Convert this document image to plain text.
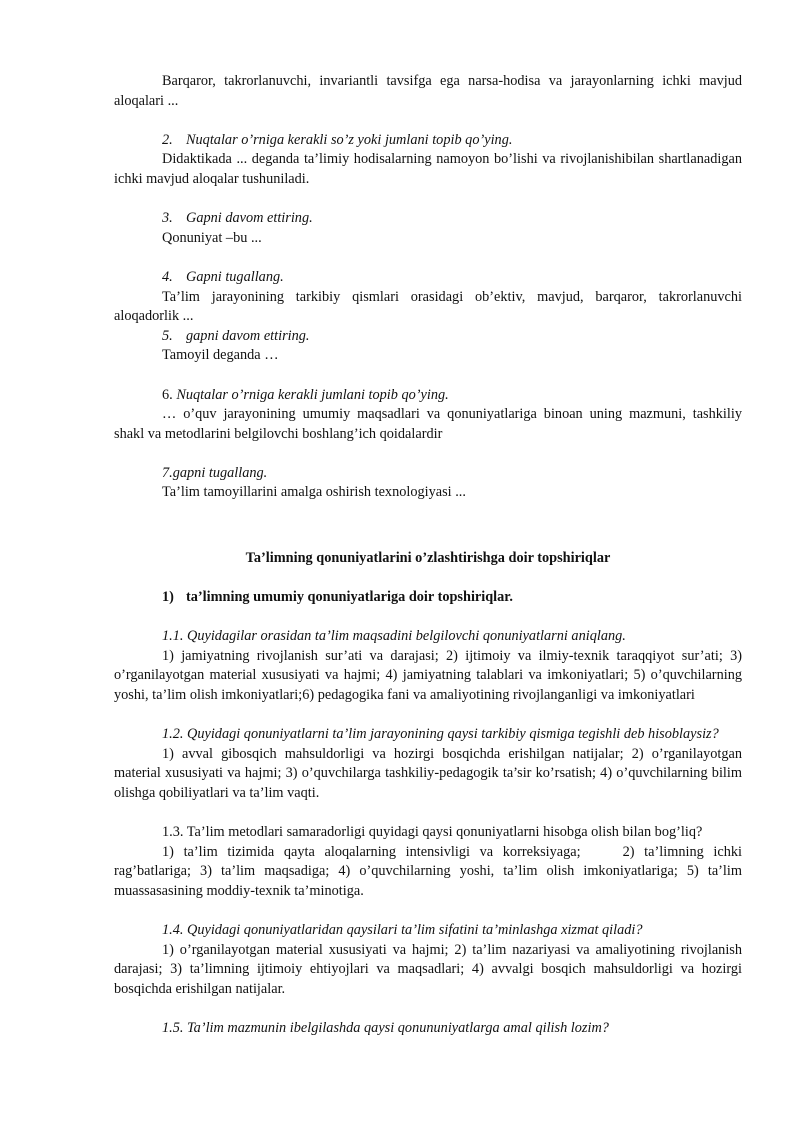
Barqaror, takrorlanuvchi, invariantli tavsifga ega narsa-hodisa va jarayonlarning ichki mavjud aloqalari ...

2. Nuqtalar o’rniga kerakli so’z yoki jumlani topib qo’ying.

Didaktikada ... deganda ta’limiy hodisalarning namoyon bo’lishi va rivojlanishibilan shartlanadigan ichki mavjud aloqalar tushuniladi.

3. Gapni davom ettiring.

Qonuniyat –bu ...

4. Gapni tugallang.

Ta’lim jarayonining tarkibiy qismlari orasidagi ob’ektiv, mavjud, barqaror, takrorlanuvchi aloqadorlik ...

5. gapni davom ettiring.

Tamoyil deganda …

6. Nuqtalar o’rniga kerakli jumlani topib qo’ying.

… o’quv jarayonining umumiy maqsadlari va qonuniyatlariga binoan uning mazmuni, tashkiliy shakl va metodlarini belgilovchi boshlang’ich qoidalardir

7.gapni tugallang.

Ta’lim tamoyillarini amalga oshirish texnologiyasi ...

Ta’limning qonuniyatlarini o’zlashtirishga doir topshiriqlar

1) ta’limning umumiy qonuniyatlariga doir topshiriqlar.

1.1. Quyidagilar orasidan ta’lim maqsadini belgilovchi qonuniyatlarni aniqlang.

1) jamiyatning rivojlanish sur’ati va darajasi; 2) ijtimoiy va ilmiy-texnik taraqqiyot sur’ati; 3) o’rganilayotgan material xususiyati va hajmi; 4) jamiyatning talablari va imkoniyatlari; 5) o’quvchilarning yoshi, ta’lim olish imkoniyatlari;6) pedagogika fani va amaliyotining rivojlanganligi va imkoniyatlari

1.2. Quyidagi qonuniyatlarni ta’lim jarayonining qaysi tarkibiy qismiga tegishli deb hisoblaysiz?

1) avval gibosqich mahsuldorligi va hozirgi bosqichda erishilgan natijalar; 2) o’rganilayotgan material xususiyati va hajmi; 3) o’quvchilarga tashkiliy-pedagogik ta’sir ko’rsatish; 4) o’quvchilarning bilim olishga qobiliyatlari va ta’lim vaqti.

1.3. Ta’lim metodlari samaradorligi quyidagi qaysi qonuniyatlarni hisobga olish bilan bog’liq?

1) ta’lim tizimida qayta aloqalarning intensivligi va korreksiyaga;	2) ta’limning ichki rag’batlariga; 3) ta’lim maqsadiga; 4) o’quvchilarning yoshi, ta’lim olish imkoniyatlariga; 5) ta’lim muassasasining moddiy-texnik ta’minotiga.

1.4. Quyidagi qonuniyatlaridan qaysilari ta’lim sifatini ta’minlashga xizmat qiladi?

1) o’rganilayotgan material xususiyati va hajmi; 2) ta’lim nazariyasi va amaliyotining rivojlanish darajasi; 3) ta’limning ijtimoiy ehtiyojlari va maqsadlari; 4) avvalgi bosqich mahsuldorligi va hozirgi bosqichda erishilgan natijalar.

1.5. Ta’lim mazmunin ibelgilashda qaysi qonununiyatlarga amal qilish lozim?
